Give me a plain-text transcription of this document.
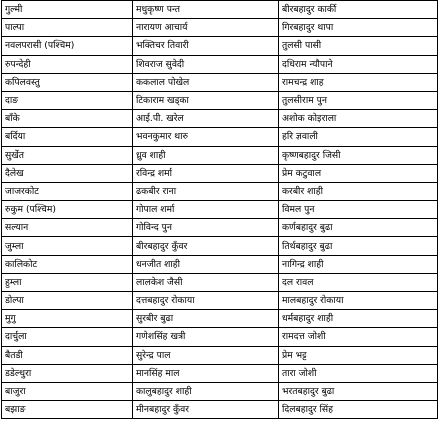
गुल्मी	मधुकृष्ण पन्त	बीरबहादुर कार्की
पाल्पा	नारायण आचार्य	गिरबहादुर थापा
नवलपरासी (पश्चिम)	भक्तिचर तिवारी	तुलसी पासी
रुपन्देही	शिवराज सुवेदी	दधिराम न्यौपाने
कपिलवस्तु	ककलाल पोखेल	रामचन्द्र शाह
दाङ	टिकाराम खड्का	तुलसीराम पुन
बाँके	आई.पी. खरेल	अशोक कोइराला
बर्दिया	भवनकुमार थारु	हरि ज्ञवाली
सुर्खेत	ध्रुव शाही	कृष्णबहादुर जिसी
दैलेख	रविन्द्र शर्मा	प्रेम कटुवाल
जाजरकोट	ढकबीर राना	करबीर शाही
रुकुम (पश्चिम)	गोपाल शर्मा	विमल पुन
सल्यान	गोविन्द पुन	कर्णबहादुर बुढा
जुम्ला	बीरबहादुर कुँवर	तिर्थबहादुर बुढा
कालिकोट	धनजीत शाही	नागिन्द्र शाही
हुम्ला	लालकेश जैसी	दल रावल
डोल्पा	दत्तबहादुर रोकाया	मालबहादुर रोकाया
मुगु	सुरबीर बुढा	धर्मबहादुर शाही
दार्चुला	गणेशसिंह खत्री	रामदत्त जोशी
बैतडी	सुरेन्द्र पाल	प्रेम भट्ट
डडेल्धुरा	मानसिंह माल	तारा जोशी
बाजुरा	कालुबहादुर शाही	भरतबहादुर बुढा
बझाङ	मीनबहादुर कुँवर	दिलबहादुर सिंह
